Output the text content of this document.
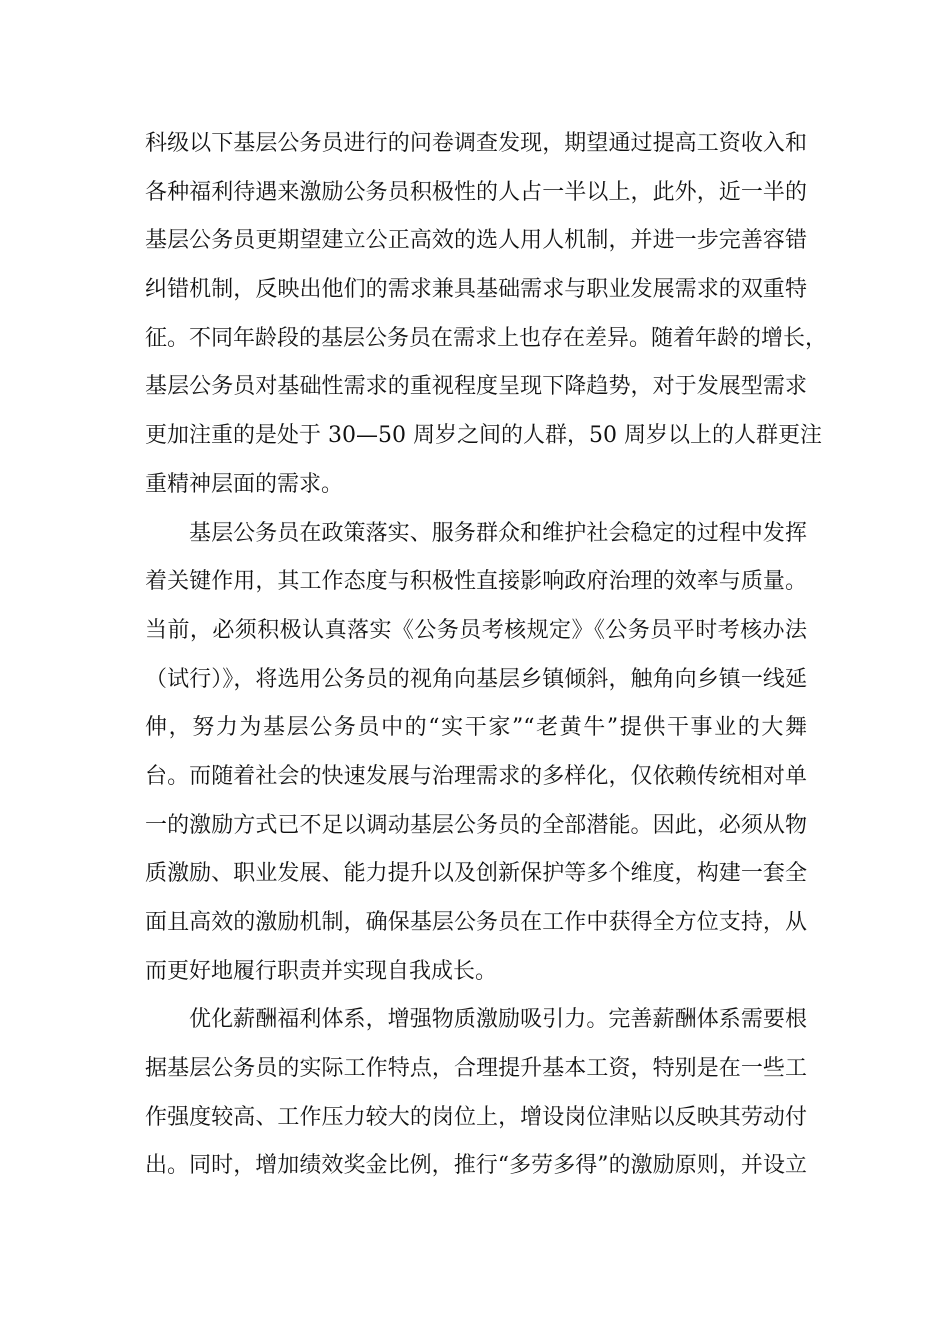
科级以下基层公务员进行的问卷调查发现，期望通过提高工资收入和
各种福利待遇来激励公务员积极性的人占一半以上，此外，近一半的
基层公务员更期望建立公正高效的选人用人机制，并进一步完善容错
纠错机制，反映出他们的需求兼具基础需求与职业发展需求的双重特
征。不同年龄段的基层公务员在需求上也存在差异。随着年龄的增长，
基层公务员对基础性需求的重视程度呈现下降趋势，对于发展型需求
更加注重的是处于 30—50 周岁之间的人群，50 周岁以上的人群更注
重精神层面的需求。
基层公务员在政策落实、服务群众和维护社会稳定的过程中发挥
着关键作用，其工作态度与积极性直接影响政府治理的效率与质量。
当前，必须积极认真落实《公务员考核规定》《公务员平时考核办法
（试行）》，将选用公务员的视角向基层乡镇倾斜，触角向乡镇一线延
伸，努力为基层公务员中的“实干家”“老黄牛”提供干事业的大舞
台。而随着社会的快速发展与治理需求的多样化，仅依赖传统相对单
一的激励方式已不足以调动基层公务员的全部潜能。因此，必须从物
质激励、职业发展、能力提升以及创新保护等多个维度，构建一套全
面且高效的激励机制，确保基层公务员在工作中获得全方位支持，从
而更好地履行职责并实现自我成长。
优化薪酬福利体系，增强物质激励吸引力。完善薪酬体系需要根
据基层公务员的实际工作特点，合理提升基本工资，特别是在一些工
作强度较高、工作压力较大的岗位上，增设岗位津贴以反映其劳动付
出。同时，增加绩效奖金比例，推行“多劳多得”的激励原则，并设立
